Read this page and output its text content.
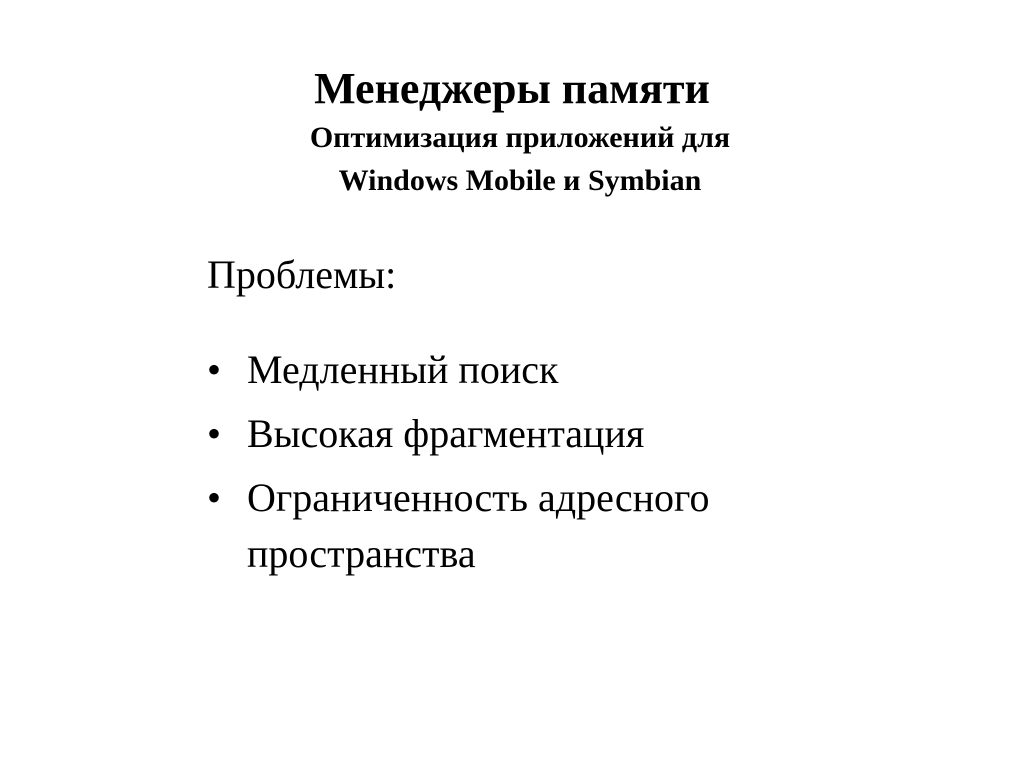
Менеджеры памяти

Оптимизация приложений для

Windows Mobile и Symbian

Проблемы:

• Медленный поиск
• Высокая фрагментация
• Ограниченность адресного пространства
